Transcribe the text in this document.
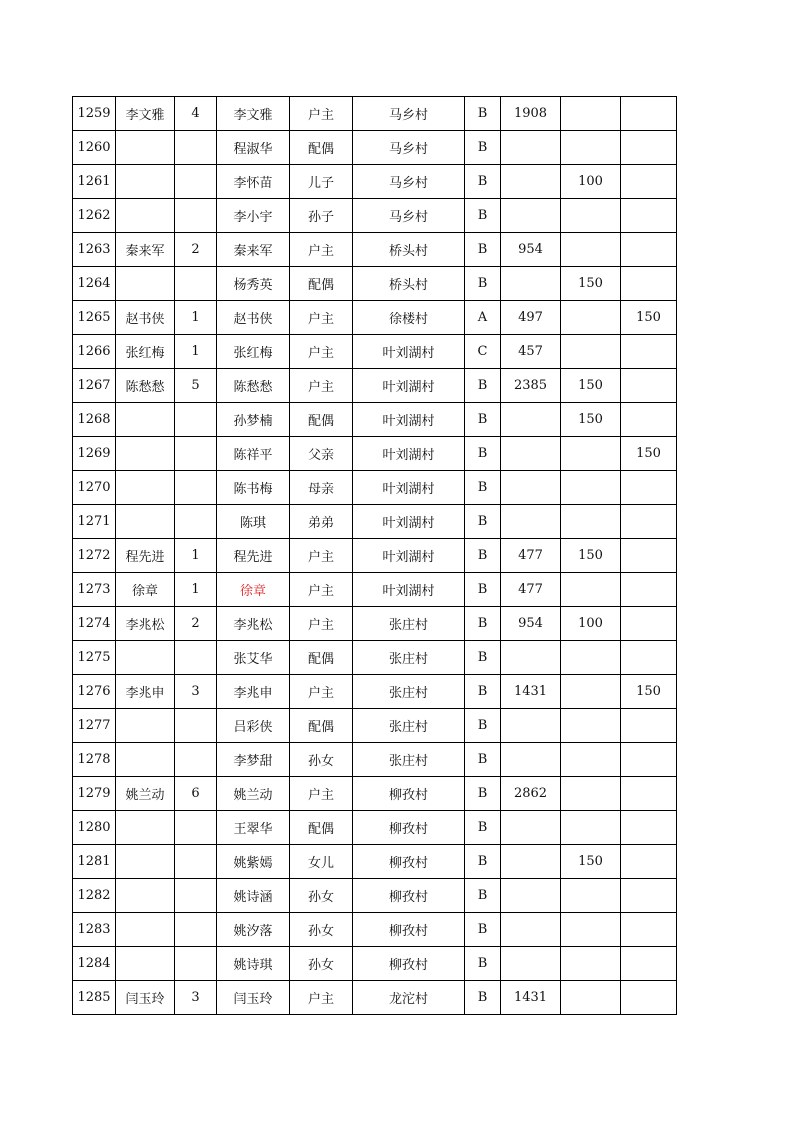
1259	李文雅	4	李文雅	户主	马乡村	B	1908		
1260			程淑华	配偶	马乡村	B			
1261			李怀苗	儿子	马乡村	B		100	
1262			李小宇	孙子	马乡村	B			
1263	秦来军	2	秦来军	户主	桥头村	B	954		
1264			杨秀英	配偶	桥头村	B		150	
1265	赵书侠	1	赵书侠	户主	徐楼村	A	497		150
1266	张红梅	1	张红梅	户主	叶刘湖村	C	457		
1267	陈愁愁	5	陈愁愁	户主	叶刘湖村	B	2385	150	
1268			孙梦楠	配偶	叶刘湖村	B		150	
1269			陈祥平	父亲	叶刘湖村	B			150
1270			陈书梅	母亲	叶刘湖村	B			
1271			陈琪	弟弟	叶刘湖村	B			
1272	程先进	1	程先进	户主	叶刘湖村	B	477	150	
1273	徐章	1	徐章	户主	叶刘湖村	B	477		
1274	李兆松	2	李兆松	户主	张庄村	B	954	100	
1275			张艾华	配偶	张庄村	B			
1276	李兆申	3	李兆申	户主	张庄村	B	1431		150
1277			吕彩侠	配偶	张庄村	B			
1278			李梦甜	孙女	张庄村	B			
1279	姚兰动	6	姚兰动	户主	柳孜村	B	2862		
1280			王翠华	配偶	柳孜村	B			
1281			姚紫嫣	女儿	柳孜村	B		150	
1282			姚诗涵	孙女	柳孜村	B			
1283			姚汐落	孙女	柳孜村	B			
1284			姚诗琪	孙女	柳孜村	B			
1285	闫玉玲	3	闫玉玲	户主	龙沱村	B	1431		
